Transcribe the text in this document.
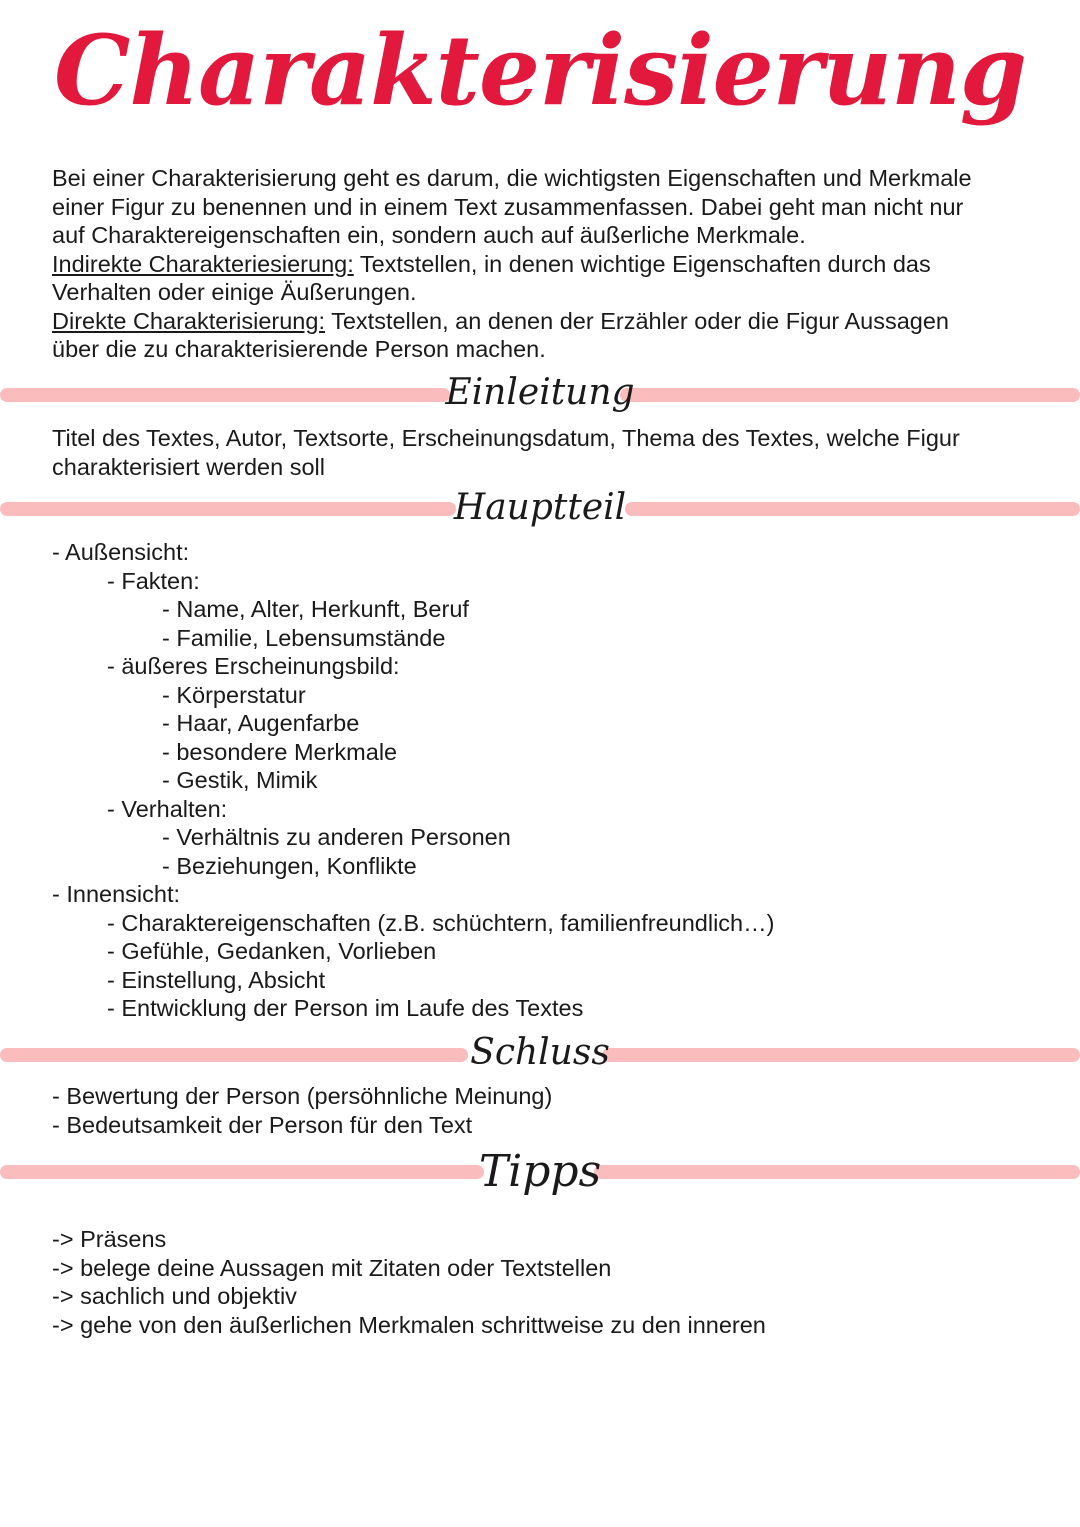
Charakterisierung
Bei einer Charakterisierung geht es darum, die wichtigsten Eigenschaften und Merkmale
einer Figur zu benennen und in einem Text zusammenfassen. Dabei geht man nicht nur
auf Charaktereigenschaften ein, sondern auch auf äußerliche Merkmale.
Indirekte Charakteriesierung: Textstellen, in denen wichtige Eigenschaften durch das
Verhalten oder einige Äußerungen.
Direkte Charakterisierung: Textstellen, an denen der Erzähler oder die Figur Aussagen
über die zu charakterisierende Person machen.
Einleitung
Titel des Textes, Autor, Textsorte, Erscheinungsdatum, Thema des Textes, welche Figur
charakterisiert werden soll
Hauptteil
- Außensicht:
- Fakten:
- Name, Alter, Herkunft, Beruf
- Familie, Lebensumstände
- äußeres Erscheinungsbild:
- Körperstatur
- Haar, Augenfarbe
- besondere Merkmale
- Gestik, Mimik
- Verhalten:
- Verhältnis zu anderen Personen
- Beziehungen, Konflikte
- Innensicht:
- Charaktereigenschaften (z.B. schüchtern, familienfreundlich…)
- Gefühle, Gedanken, Vorlieben
- Einstellung, Absicht
- Entwicklung der Person im Laufe des Textes
Schluss
- Bewertung der Person (persöhnliche Meinung)
- Bedeutsamkeit der Person für den Text
Tipps
-> Präsens
-> belege deine Aussagen mit Zitaten oder Textstellen
-> sachlich und objektiv
-> gehe von den äußerlichen Merkmalen schrittweise zu den inneren
